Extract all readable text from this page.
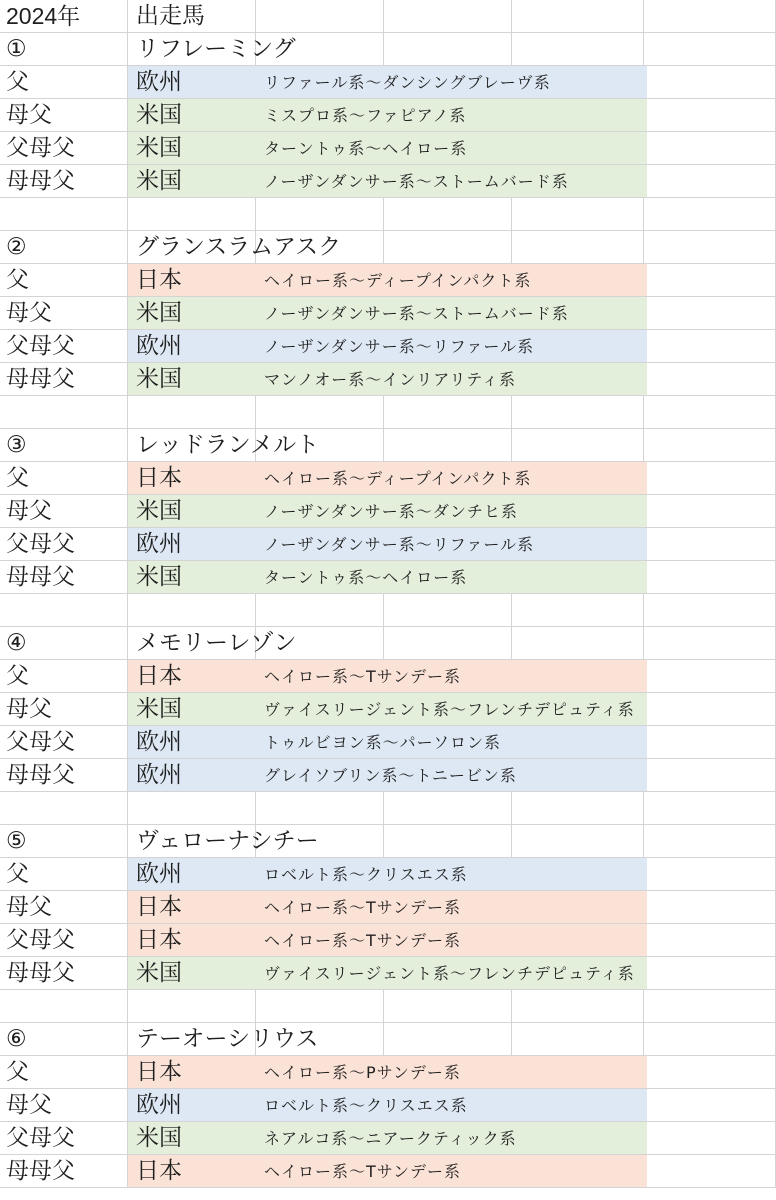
2024年	出走馬
①	リフレーミング
父	欧州	リファール系～ダンシングブレーヴ系
母父	米国	ミスプロ系～ファピアノ系
父母父	米国	ターントゥ系～ヘイロー系
母母父	米国	ノーザンダンサー系～ストームバード系
②	グランスラムアスク
父	日本	ヘイロー系～ディープインパクト系
母父	米国	ノーザンダンサー系～ストームバード系
父母父	欧州	ノーザンダンサー系～リファール系
母母父	米国	マンノオー系～インリアリティ系
③	レッドランメルト
父	日本	ヘイロー系～ディープインパクト系
母父	米国	ノーザンダンサー系～ダンチヒ系
父母父	欧州	ノーザンダンサー系～リファール系
母母父	米国	ターントゥ系～ヘイロー系
④	メモリーレゾン
父	日本	ヘイロー系～Tサンデー系
母父	米国	ヴァイスリージェント系～フレンチデピュティ系
父母父	欧州	トゥルビヨン系～パーソロン系
母母父	欧州	グレイソブリン系～トニービン系
⑤	ヴェローナシチー
父	欧州	ロベルト系～クリスエス系
母父	日本	ヘイロー系～Tサンデー系
父母父	日本	ヘイロー系～Tサンデー系
母母父	米国	ヴァイスリージェント系～フレンチデピュティ系
⑥	テーオーシリウス
父	日本	ヘイロー系～Pサンデー系
母父	欧州	ロベルト系～クリスエス系
父母父	米国	ネアルコ系～ニアークティック系
母母父	日本	ヘイロー系～Tサンデー系
